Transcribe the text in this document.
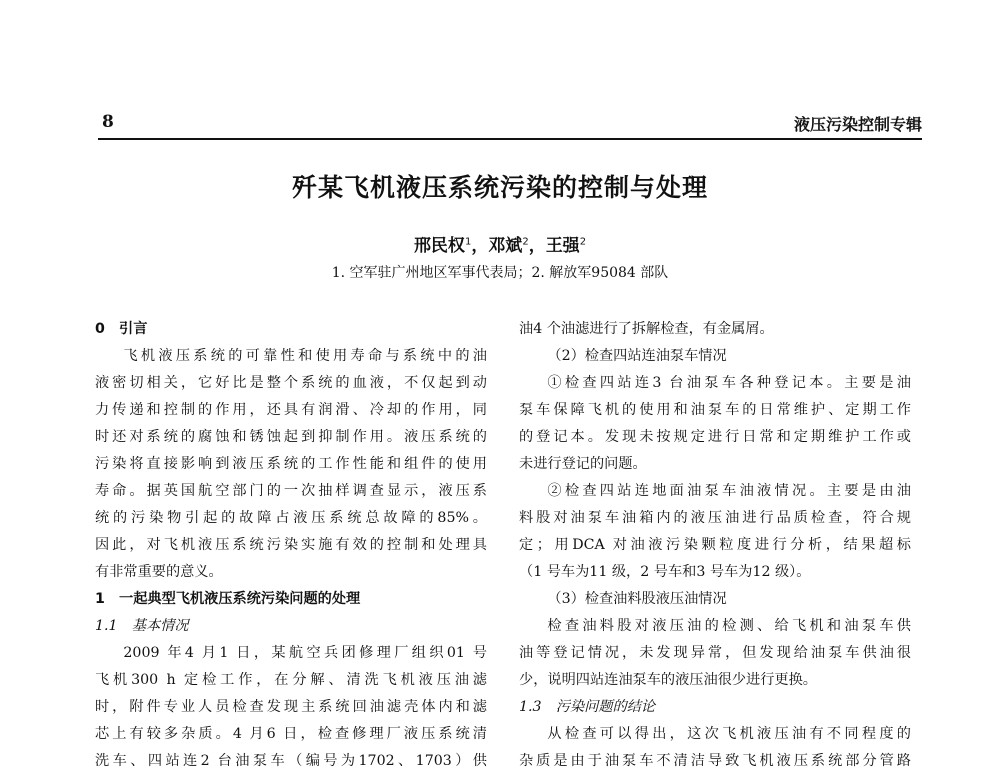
8	液压污染控制专辑
歼某飞机液压系统污染的控制与处理
邢民权$^1$，邓斌$^2$，王强$^2$
1. 空军驻广州地区军事代表局；2. 解放军95084 部队
0　引言
飞机液压系统的可靠性和使用寿命与系统中的油
液密切相关，它好比是整个系统的血液，不仅起到动
力传递和控制的作用，还具有润滑、冷却的作用，同
时还对系统的腐蚀和锈蚀起到抑制作用。液压系统的
污染将直接影响到液压系统的工作性能和组件的使用
寿命。据英国航空部门的一次抽样调查显示，液压系
统的污染物引起的故障占液压系统总故障的85%。
因此，对飞机液压系统污染实施有效的控制和处理具
有非常重要的意义。
1　一起典型飞机液压系统污染问题的处理
1.1　基本情况
2009 年4 月1 日，某航空兵团修理厂组织01 号
飞机300 h 定检工作，在分解、清洗飞机液压油滤
时，附件专业人员检查发现主系统回油滤壳体内和滤
芯上有较多杂质。4 月6 日，检查修理厂液压系统清
洗车、四站连2 台油泵车（编号为1702、1703）供
油4 个油滤进行了拆解检查，有金属屑。
（2）检查四站连油泵车情况
①检查四站连3 台油泵车各种登记本。主要是油
泵车保障飞机的使用和油泵车的日常维护、定期工作
的登记本。发现未按规定进行日常和定期维护工作或
未进行登记的问题。
②检查四站连地面油泵车油液情况。主要是由油
料股对油泵车油箱内的液压油进行品质检查，符合规
定；用DCA 对油液污染颗粒度进行分析，结果超标
（1 号车为11 级，2 号车和3 号车为12 级）。
（3）检查油料股液压油情况
检查油料股对液压油的检测、给飞机和油泵车供
油等登记情况，未发现异常，但发现给油泵车供油很
少，说明四站连油泵车的液压油很少进行更换。
1.3　污染问题的结论
从检查可以得出，这次飞机液压油有不同程度的
杂质是由于油泵车不清洁导致飞机液压系统部分管路
